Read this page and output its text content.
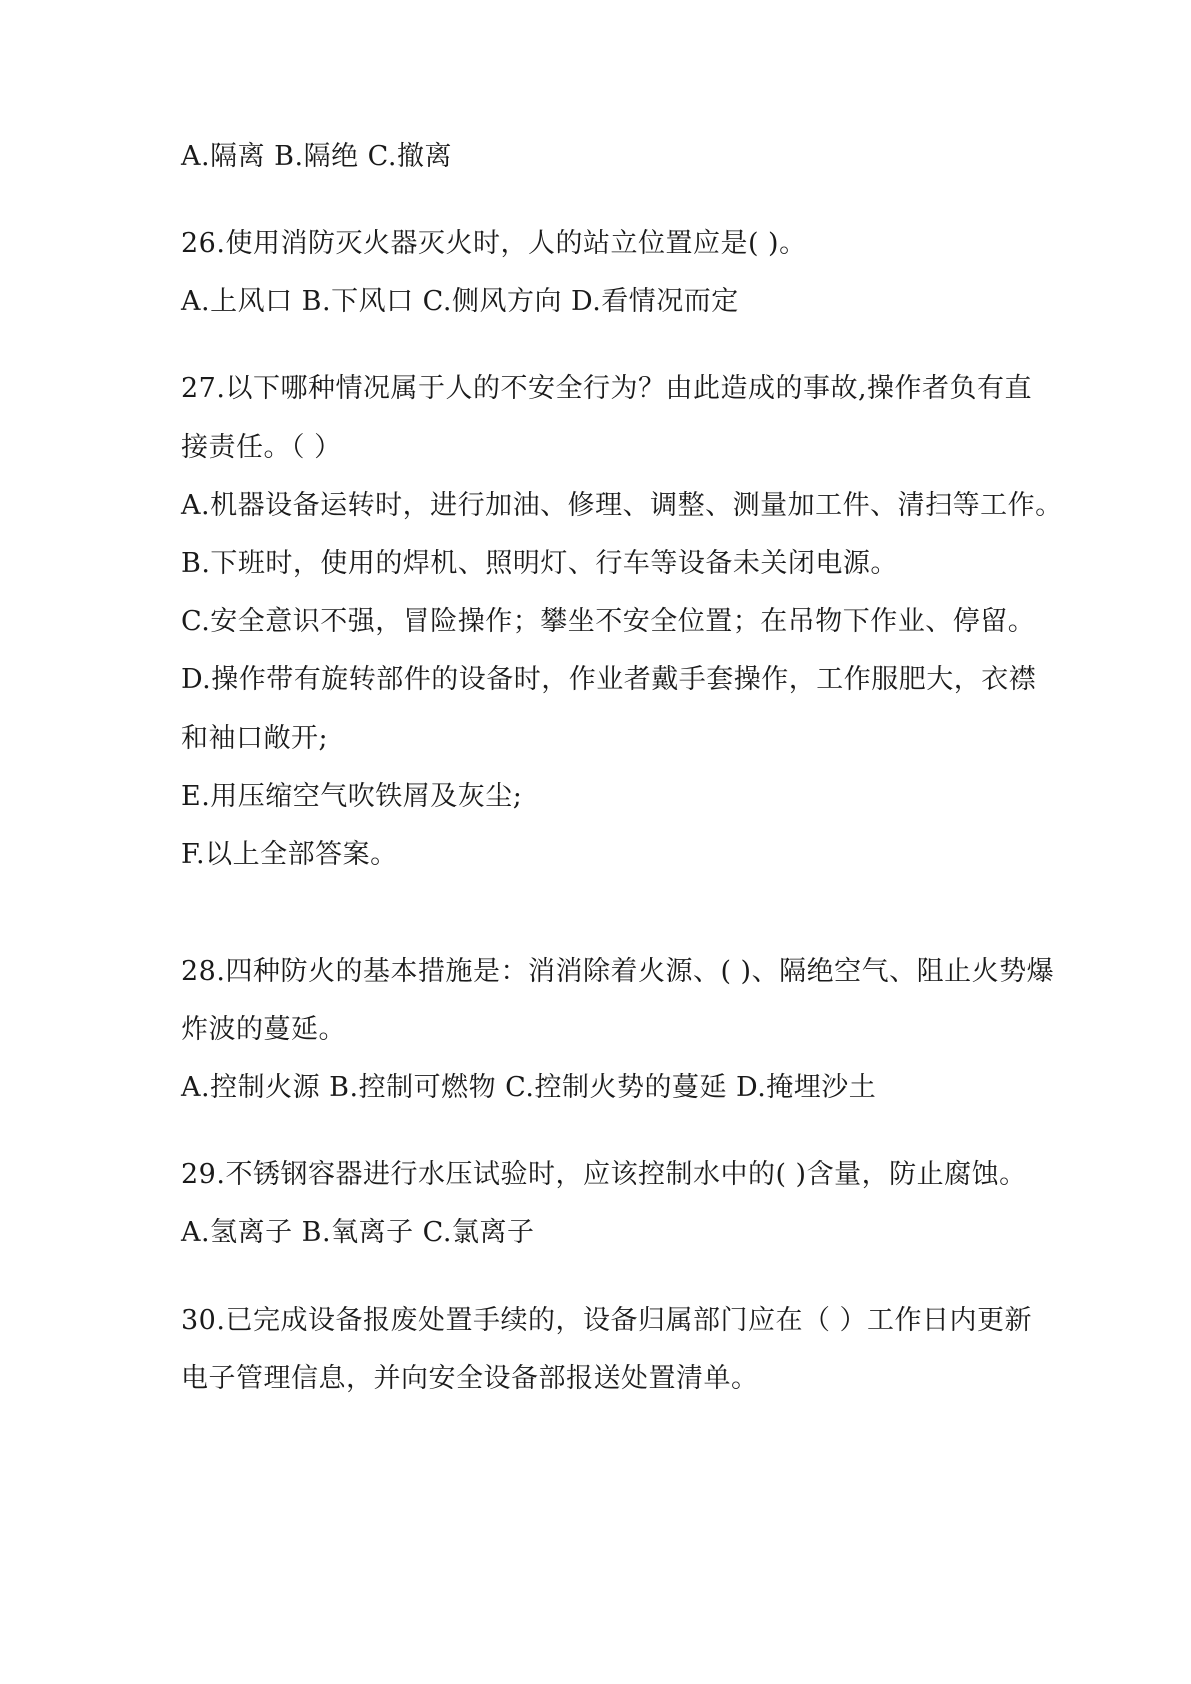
A.隔离 B.隔绝 C.撤离
26.使用消防灭火器灭火时，人的站立位置应是( )。
A.上风口 B.下风口 C.侧风方向 D.看情况而定
27.以下哪种情况属于人的不安全行为？由此造成的事故,操作者负有直
接责任。（ ）
A.机器设备运转时，进行加油、修理、调整、测量加工件、清扫等工作。
B.下班时，使用的焊机、照明灯、行车等设备未关闭电源。
C.安全意识不强，冒险操作；攀坐不安全位置；在吊物下作业、停留。
D.操作带有旋转部件的设备时，作业者戴手套操作，工作服肥大，衣襟
和袖口敞开;
E.用压缩空气吹铁屑及灰尘;
F.以上全部答案。
28.四种防火的基本措施是：消消除着火源、( )、隔绝空气、阻止火势爆
炸波的蔓延。
A.控制火源 B.控制可燃物 C.控制火势的蔓延 D.掩埋沙土
29.不锈钢容器进行水压试验时，应该控制水中的( )含量，防止腐蚀。
A.氢离子 B.氧离子 C.氯离子
30.已完成设备报废处置手续的，设备归属部门应在（ ）工作日内更新
电子管理信息，并向安全设备部报送处置清单。
